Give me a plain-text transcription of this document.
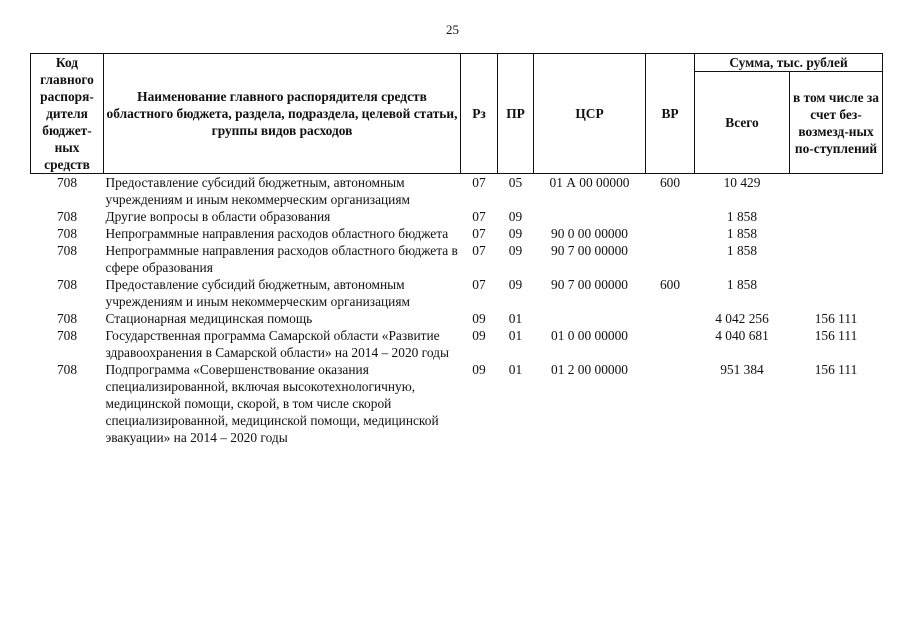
25
Код главного распоря-дителя бюджет-ных средств	Наименование главного распорядителя средств областного бюджета, раздела, подраздела, целевой статьи, группы видов расходов	Рз	ПР	ЦСР	ВР	Сумма, тыс. рублей	
						Всего	в том числе за счет без-возмезд-ных по-ступлений
708	Предоставление субсидий бюджетным, автономным учреждениям и иным некоммерческим организациям	07	05	01 А 00 00000	600	10 429	
708	Другие вопросы в области образования	07	09			1 858	
708	Непрограммные направления расходов областного бюджета	07	09	90 0 00 00000		1 858	
708	Непрограммные направления расходов областного бюджета в сфере образования	07	09	90 7 00 00000		1 858	
708	Предоставление субсидий бюджетным, автономным учреждениям и иным некоммерческим организациям	07	09	90 7 00 00000	600	1 858	
708	Стационарная медицинская помощь	09	01			4 042 256	156 111
708	Государственная программа Самарской области «Развитие здравоохранения в Самарской области» на 2014 – 2020 годы	09	01	01 0 00 00000		4 040 681	156 111
708	Подпрограмма «Совершенствование оказания специализированной, включая высокотехнологичную, медицинской помощи, скорой, в том числе скорой специализированной, медицинской помощи, медицинской эвакуации» на 2014 – 2020 годы	09	01	01 2 00 00000		951 384	156 111
